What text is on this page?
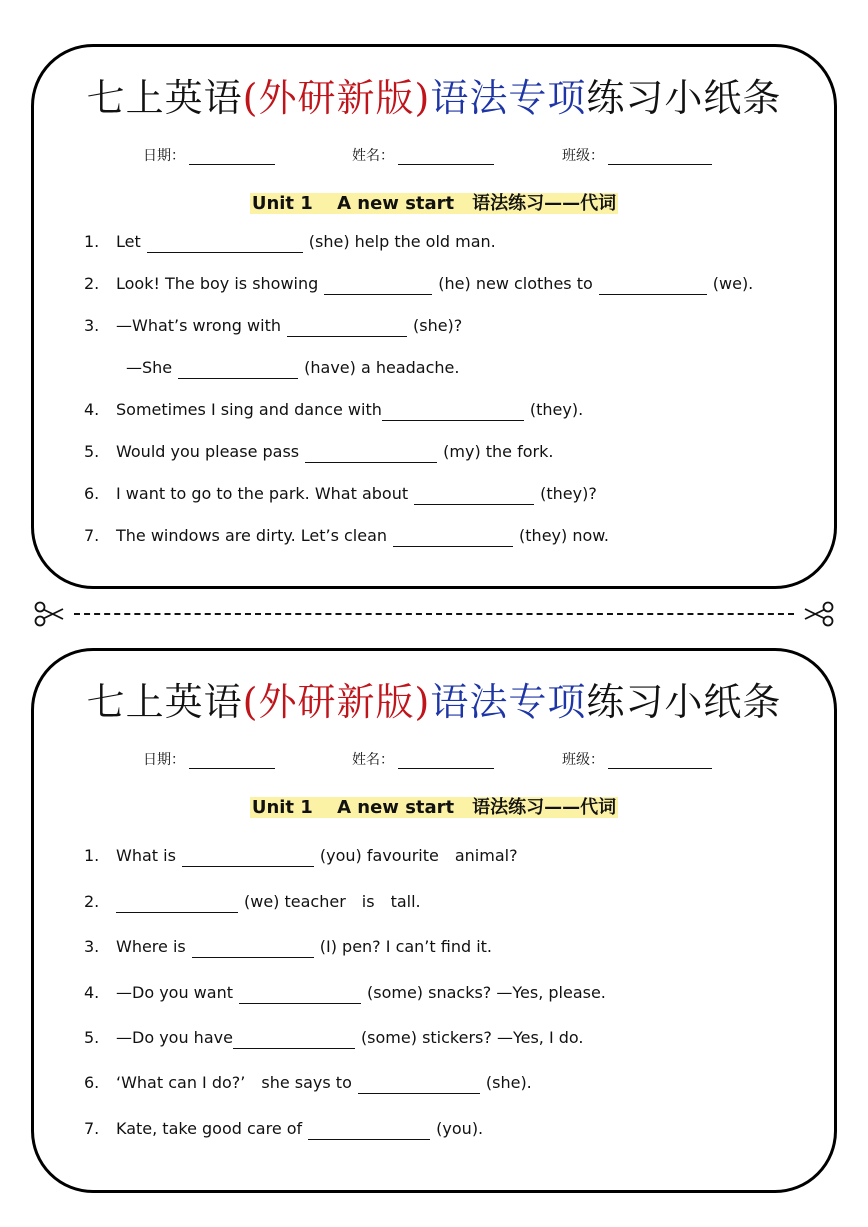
七上英语(外研新版)语法专项练习小纸条
日期：	姓名：	班级：
Unit 1　 A new start　语法练习——代词
1. Let	(she) help the old man.
2. Look! The boy is showing	(he) new clothes to	(we).
3. —What’s wrong with	(she)?
—She	(have) a headache.
4. Sometimes I sing and dance with	(they).
5. Would you please pass	(my) the fork.
6. I want to go to the park. What about	(they)?
7. The windows are dirty. Let’s clean	(they) now.
七上英语(外研新版)语法专项练习小纸条
日期：	姓名：	班级：
Unit 1　 A new start　语法练习——代词
1. What is	(you) favourite　animal?
2.	(we) teacher　is　tall.
3. Where is	(I) pen? I can’t find it.
4. —Do you want	(some) snacks? —Yes, please.
5. —Do you have	(some) stickers? —Yes, I do.
6. ‘What can I do?’　she says to	(she).
7. Kate, take good care of	(you).
